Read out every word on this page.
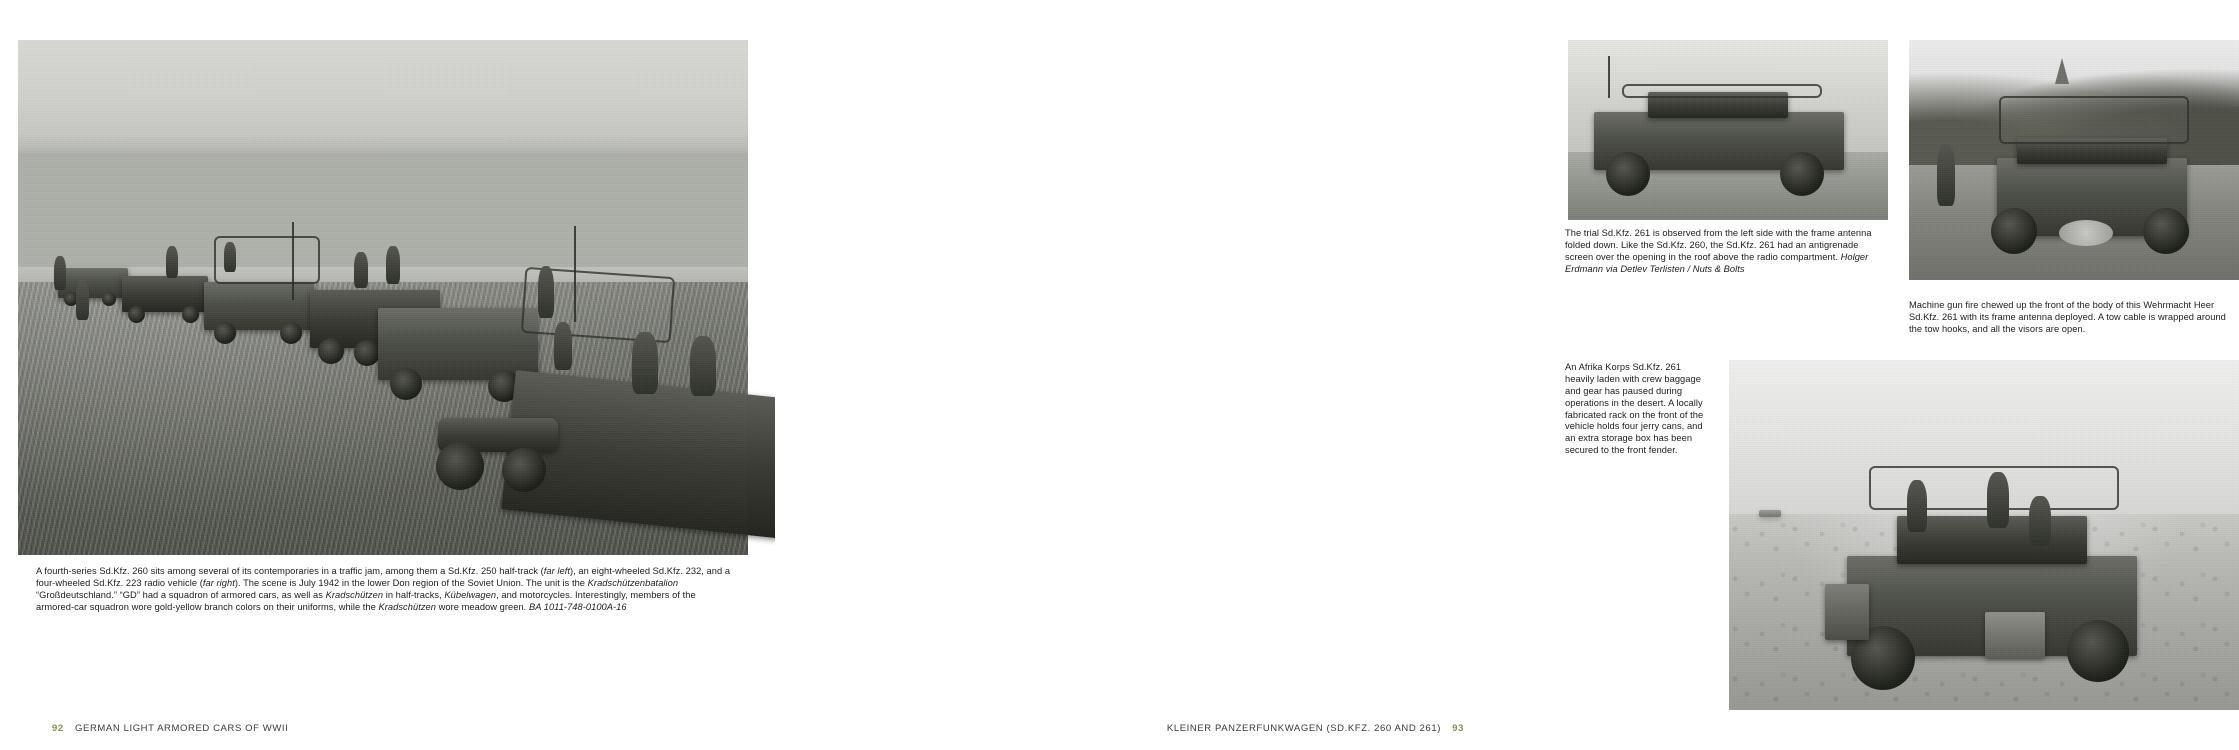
A fourth-series Sd.Kfz. 260 sits among several of its contemporaries in a traffic jam, among them a Sd.Kfz. 250 half-track (far left), an eight-wheeled Sd.Kfz. 232, and a four-wheeled Sd.Kfz. 223 radio vehicle (far right). The scene is July 1942 in the lower Don region of the Soviet Union. The unit is the Kradschützenbatalion “Großdeutschland.” “GD” had a squadron of armored cars, as well as Kradschützen in half-tracks, Kübelwagen, and motorcycles. Interestingly, members of the armored-car squadron wore gold-yellow branch colors on their uniforms, while the Kradschützen wore meadow green. BA 1011-748-0100A-16
92 GERMAN LIGHT ARMORED CARS OF WWII
The trial Sd.Kfz. 261 is observed from the left side with the frame antenna folded down. Like the Sd.Kfz. 260, the Sd.Kfz. 261 had an antigrenade screen over the opening in the roof above the radio compartment. Holger Erdmann via Detlev Terlisten / Nuts & Bolts
Machine gun fire chewed up the front of the body of this Wehrmacht Heer Sd.Kfz. 261 with its frame antenna deployed. A tow cable is wrapped around the tow hooks, and all the visors are open.
An Afrika Korps Sd.Kfz. 261 heavily laden with crew baggage and gear has paused during operations in the desert. A locally fabricated rack on the front of the vehicle holds four jerry cans, and an extra storage box has been secured to the front fender.
KLEINER PANZERFUNKWAGEN (SD.KFZ. 260 AND 261) 93
